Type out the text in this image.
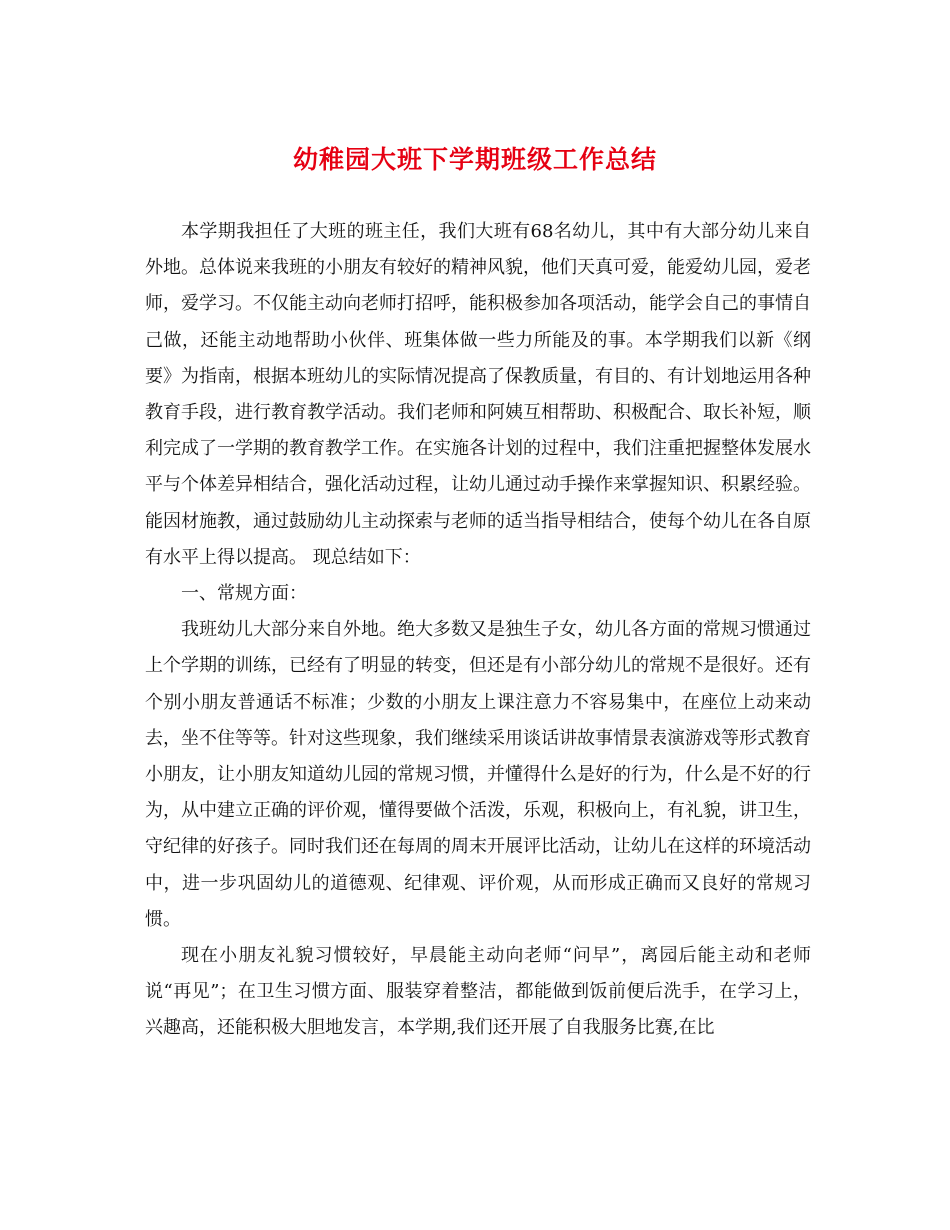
幼稚园大班下学期班级工作总结

本学期我担任了大班的班主任，我们大班有68名幼儿，其中有大部分幼儿来自外地。总体说来我班的小朋友有较好的精神风貌，他们天真可爱，能爱幼儿园，爱老师，爱学习。不仅能主动向老师打招呼，能积极参加各项活动，能学会自己的事情自己做，还能主动地帮助小伙伴、班集体做一些力所能及的事。本学期我们以新《纲要》为指南，根据本班幼儿的实际情况提高了保教质量，有目的、有计划地运用各种教育手段，进行教育教学活动。我们老师和阿姨互相帮助、积极配合、取长补短，顺利完成了一学期的教育教学工作。在实施各计划的过程中，我们注重把握整体发展水平与个体差异相结合，强化活动过程，让幼儿通过动手操作来掌握知识、积累经验。能因材施教，通过鼓励幼儿主动探索与老师的适当指导相结合，使每个幼儿在各自原有水平上得以提高。 现总结如下：

一、常规方面：

我班幼儿大部分来自外地。绝大多数又是独生子女，幼儿各方面的常规习惯通过上个学期的训练，已经有了明显的转变，但还是有小部分幼儿的常规不是很好。还有个别小朋友普通话不标准；少数的小朋友上课注意力不容易集中，在座位上动来动去，坐不住等等。针对这些现象，我们继续采用谈话讲故事情景表演游戏等形式教育小朋友，让小朋友知道幼儿园的常规习惯，并懂得什么是好的行为，什么是不好的行为，从中建立正确的评价观，懂得要做个活泼，乐观，积极向上，有礼貌，讲卫生，守纪律的好孩子。同时我们还在每周的周末开展评比活动，让幼儿在这样的环境活动中，进一步巩固幼儿的道德观、纪律观、评价观，从而形成正确而又良好的常规习惯。

现在小朋友礼貌习惯较好，早晨能主动向老师“问早”，离园后能主动和老师说“再见”；在卫生习惯方面、服装穿着整洁，都能做到饭前便后洗手，在学习上，兴趣高，还能积极大胆地发言，本学期,我们还开展了自我服务比赛,在比
